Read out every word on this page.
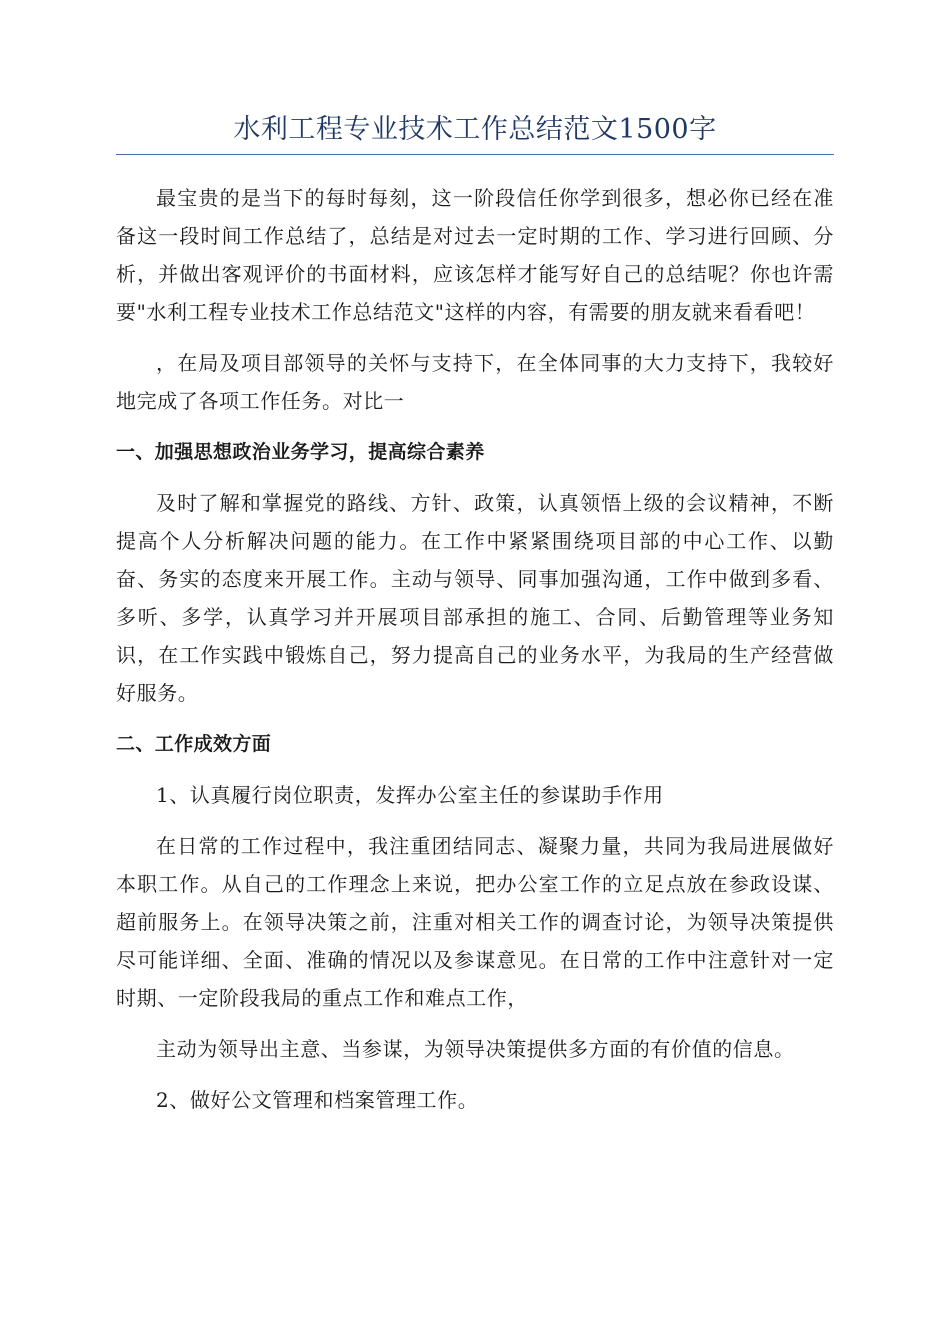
水利工程专业技术工作总结范文1500字

最宝贵的是当下的每时每刻，这一阶段信任你学到很多，想必你已经在准备这一段时间工作总结了，总结是对过去一定时期的工作、学习进行回顾、分析，并做出客观评价的书面材料，应该怎样才能写好自己的总结呢？你也许需要"水利工程专业技术工作总结范文"这样的内容，有需要的朋友就来看看吧！

，在局及项目部领导的关怀与支持下，在全体同事的大力支持下，我较好地完成了各项工作任务。对比一

一、加强思想政治业务学习，提高综合素养

及时了解和掌握党的路线、方针、政策，认真领悟上级的会议精神，不断提高个人分析解决问题的能力。在工作中紧紧围绕项目部的中心工作、以勤奋、务实的态度来开展工作。主动与领导、同事加强沟通，工作中做到多看、多听、多学，认真学习并开展项目部承担的施工、合同、后勤管理等业务知识，在工作实践中锻炼自己，努力提高自己的业务水平，为我局的生产经营做好服务。

二、工作成效方面

1、认真履行岗位职责，发挥办公室主任的参谋助手作用

在日常的工作过程中，我注重团结同志、凝聚力量，共同为我局进展做好本职工作。从自己的工作理念上来说，把办公室工作的立足点放在参政设谋、超前服务上。在领导决策之前，注重对相关工作的调查讨论，为领导决策提供尽可能详细、全面、准确的情况以及参谋意见。在日常的工作中注意针对一定时期、一定阶段我局的重点工作和难点工作，

主动为领导出主意、当参谋，为领导决策提供多方面的有价值的信息。

2、做好公文管理和档案管理工作。
